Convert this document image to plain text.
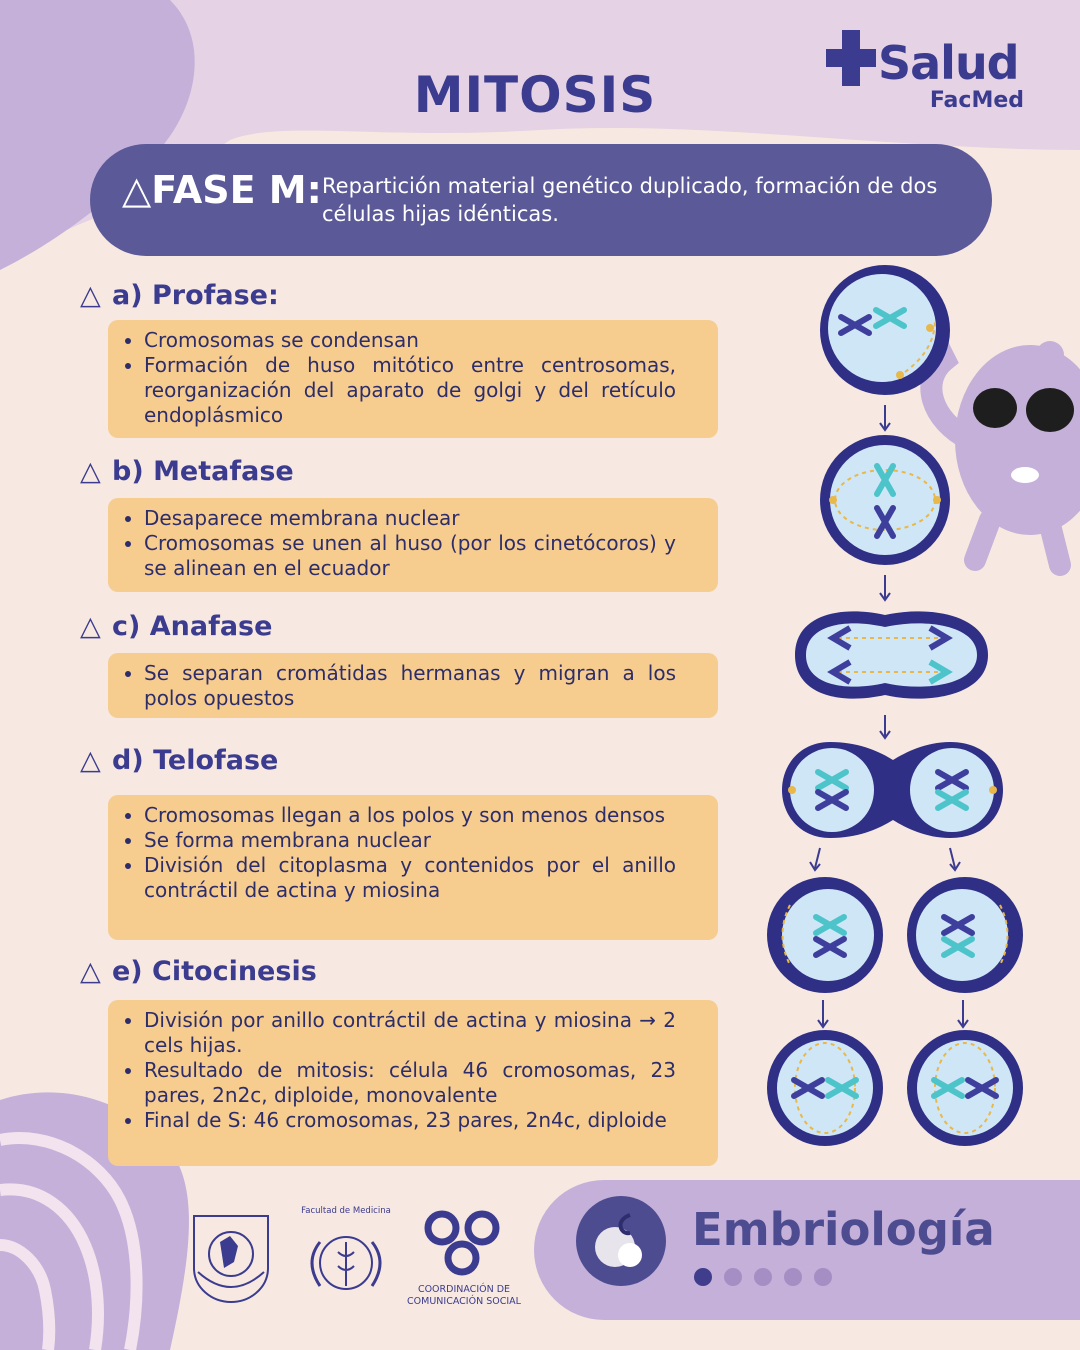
MITOSIS
Salud
FacMed
△FASE M: Repartición material genético duplicado, formación de dos células hijas idénticas.
△ a) Profase:
• Cromosomas se condensan
• Formación de huso mitótico entre centrosomas, reorganización del aparato de golgi y del retículo endoplásmico
△ b) Metafase
• Desaparece membrana nuclear
• Cromosomas se unen al huso (por los cinetócoros) y se alinean en el ecuador
△ c) Anafase
• Se separan cromátidas hermanas y migran a los polos opuestos
△ d) Telofase
• Cromosomas llegan a los polos y son menos densos
• Se forma membrana nuclear
• División del citoplasma y contenidos por el anillo contráctil de actina y miosina
△ e) Citocinesis
• División por anillo contráctil de actina y miosina → 2 cels hijas.
• Resultado de mitosis: célula 46 cromosomas, 23 pares, 2n2c, diploide, monovalente
• Final de S: 46 cromosomas, 23 pares, 2n4c, diploide
Embriología
Facultad de Medicina
COORDINACIÓN DE COMUNICACIÓN SOCIAL
